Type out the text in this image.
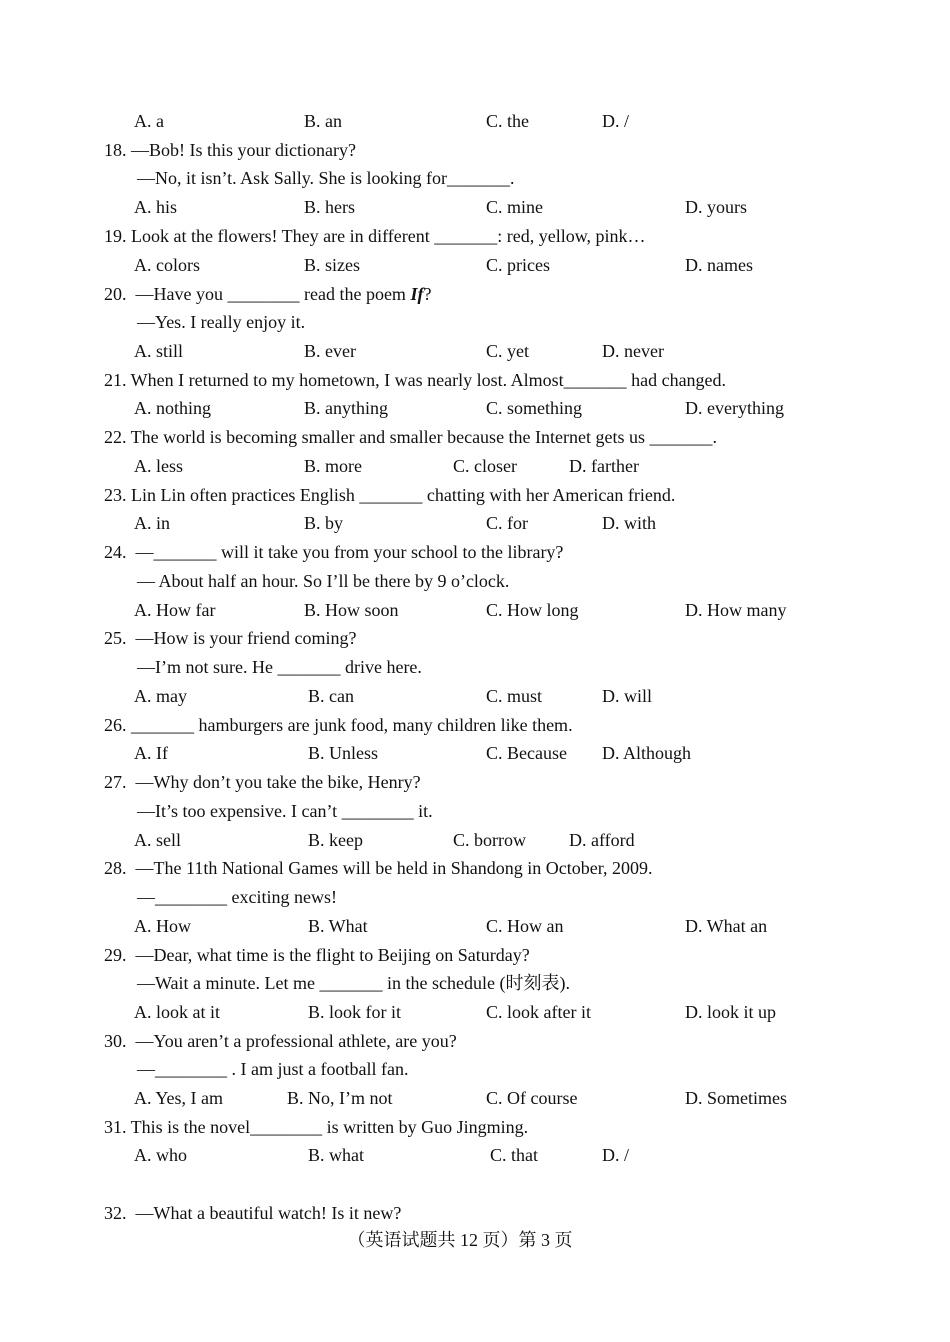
A. a	B. an	C. the	D. /
18. —Bob! Is this your dictionary?
—No, it isn’t. Ask Sally. She is looking for_______.
A. his	B. hers	C. mine	D. yours
19. Look at the flowers! They are in different _______: red, yellow, pink…
A. colors	B. sizes	C. prices	D. names
20.  —Have you ________ read the poem If?
—Yes. I really enjoy it.
A. still	B. ever	C. yet	D. never
21. When I returned to my hometown, I was nearly lost. Almost_______ had changed.
A. nothing	B. anything	C. something	D. everything
22. The world is becoming smaller and smaller because the Internet gets us _______.
A. less	B. more	C. closer	D. farther
23. Lin Lin often practices English _______ chatting with her American friend.
A. in	B. by	C. for	D. with
24.  —_______ will it take you from your school to the library?
— About half an hour. So I’ll be there by 9 o’clock.
A. How far	B. How soon	C. How long	D. How many
25.  —How is your friend coming?
—I’m not sure. He _______ drive here.
A. may	B. can	C. must	D. will
26. _______ hamburgers are junk food, many children like them.
A. If	B. Unless	C. Because D. Although
27.  —Why don’t you take the bike, Henry?
—It’s too expensive. I can’t ________ it.
A. sell	B. keep	C. borrow D. afford
28.  —The 11th National Games will be held in Shandong in October, 2009.
—________ exciting news!
A. How	B. What	C. How an	D. What an
29.  —Dear, what time is the flight to Beijing on Saturday?
—Wait a minute. Let me _______ in the schedule (时刻表).
A. look at it	B. look for it	C. look after it	D. look it up
30.  —You aren’t a professional athlete, are you?
—________ . I am just a football fan.
A. Yes, I am	B. No, I’m not	C. Of course	D. Sometimes
31. This is the novel________ is written by Guo Jingming.
A. who	B. what	C. that	D. /
32.  —What a beautiful watch! Is it new?
（英语试题共 12 页）第 3 页
